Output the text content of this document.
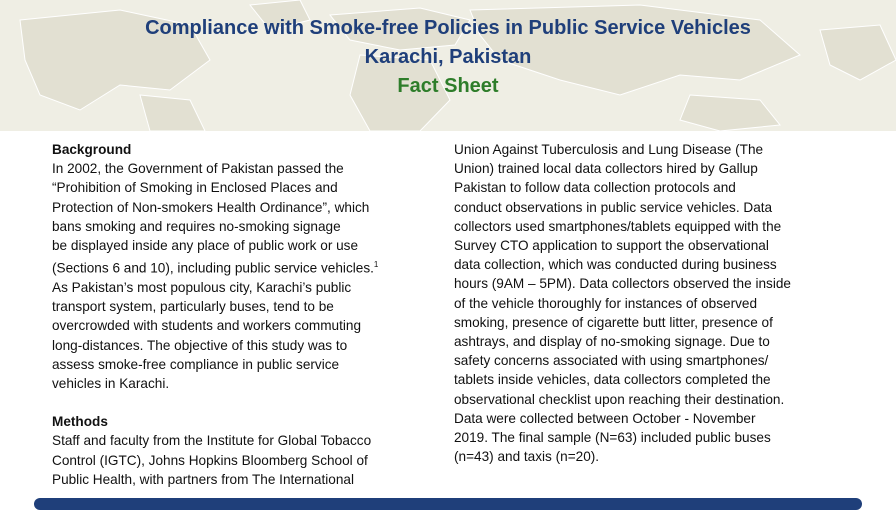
Compliance with Smoke-free Policies in Public Service Vehicles
Karachi, Pakistan
Fact Sheet
Background
In 2002, the Government of Pakistan passed the
“Prohibition of Smoking in Enclosed Places and
Protection of Non-smokers Health Ordinance”, which
bans smoking and requires no-smoking signage
be displayed inside any place of public work or use
(Sections 6 and 10), including public service vehicles.$^1$
As Pakistan’s most populous city, Karachi’s public
transport system, particularly buses, tend to be
overcrowded with students and workers commuting
long-distances. The objective of this study was to
assess smoke-free compliance in public service
vehicles in Karachi.
Methods
Staff and faculty from the Institute for Global Tobacco
Control (IGTC), Johns Hopkins Bloomberg School of
Public Health, with partners from The International
Union Against Tuberculosis and Lung Disease (The
Union) trained local data collectors hired by Gallup
Pakistan to follow data collection protocols and
conduct observations in public service vehicles. Data
collectors used smartphones/tablets equipped with the
Survey CTO application to support the observational
data collection, which was conducted during business
hours (9AM – 5PM). Data collectors observed the inside
of the vehicle thoroughly for instances of observed
smoking, presence of cigarette butt litter, presence of
ashtrays, and display of no-smoking signage. Due to
safety concerns associated with using smartphones/
tablets inside vehicles, data collectors completed the
observational checklist upon reaching their destination.
Data were collected between October - November
2019. The final sample (N=63) included public buses
(n=43) and taxis (n=20).
